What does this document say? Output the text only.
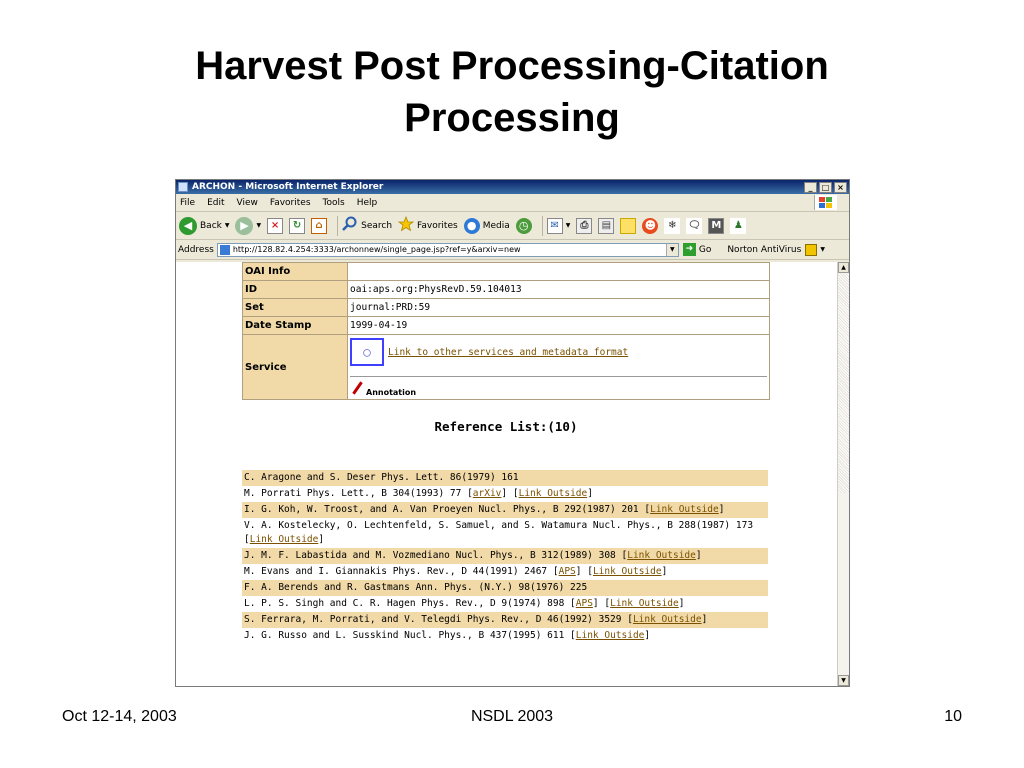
Harvest Post Processing-Citation
Processing
ARCHON - Microsoft Internet Explorer	_	□ ×
File Edit View Favorites Tools Help
◀ Back ▼ ▶	▼ ×	↻	⌂	Search	Favorites ● Media ◷	✉	▼	⎙	▤	☻	❄	🗨	M	♟
Address http://128.82.4.254:3333/archonnew/single_page.jsp?ref=y&arxiv=new	▼	➜ Go Norton AntiVirus	▼
OAI Info	
ID	oai:aps.org:PhysRevD.59.104013
Set	journal:PRD:59
Date Stamp	1999-04-19
Service	◯ Link to other services and metadata format
Annotation
Reference List:(10)
C. Aragone and S. Deser Phys. Lett. 86(1979) 161
M. Porrati Phys. Lett., B 304(1993) 77 [arXiv] [Link Outside]
I. G. Koh, W. Troost, and A. Van Proeyen Nucl. Phys., B 292(1987) 201 [Link Outside]
V. A. Kostelecky, O. Lechtenfeld, S. Samuel, and S. Watamura Nucl. Phys., B 288(1987) 173 [Link Outside]
J. M. F. Labastida and M. Vozmediano Nucl. Phys., B 312(1989) 308 [Link Outside]
M. Evans and I. Giannakis Phys. Rev., D 44(1991) 2467 [APS] [Link Outside]
F. A. Berends and R. Gastmans Ann. Phys. (N.Y.) 98(1976) 225
L. P. S. Singh and C. R. Hagen Phys. Rev., D 9(1974) 898 [APS] [Link Outside]
S. Ferrara, M. Porrati, and V. Telegdi Phys. Rev., D 46(1992) 3529 [Link Outside]
J. G. Russo and L. Susskind Nucl. Phys., B 437(1995) 611 [Link Outside]
▲
▼
Oct 12-14, 2003	NSDL 2003	10
